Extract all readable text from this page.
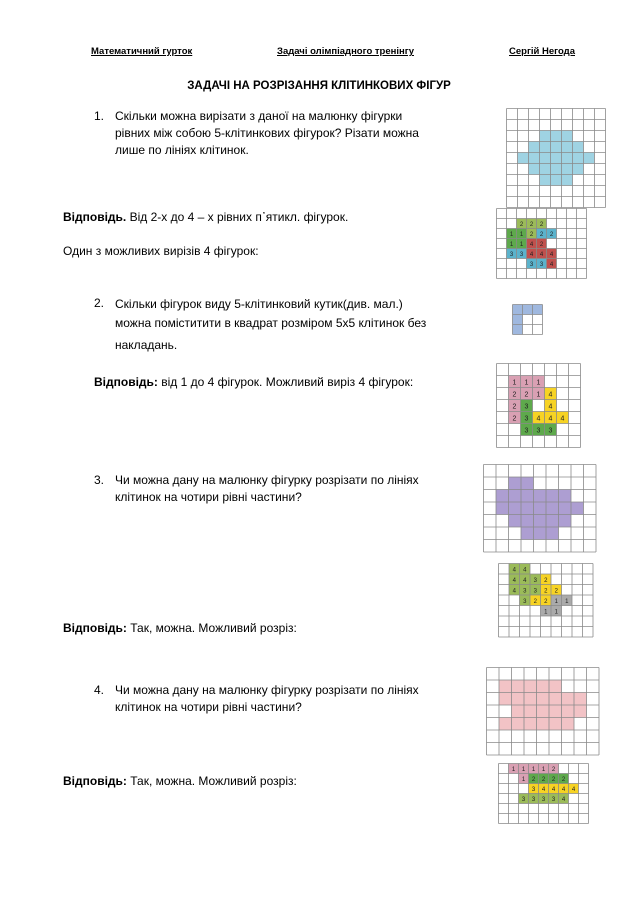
Математичний гурток	Задачі олімпіадного тренінгу	Сергій Негода
ЗАДАЧІ НА РОЗРІЗАННЯ КЛІТИНКОВИХ ФІГУР
1. Скільки можна вирізати з даної на малюнку фігурки
рівних між собою 5-клітинкових фігурок? Різати можна
лише по лініях клітинок.
Відповідь. Від 2-х до 4 – х рівних п᾽ятикл. фігурок.
Один з можливих вирізів 4 фігурок:
2. Скільки фігурок виду 5-клітинковий кутик(див. мал.)
можна поміститити в квадрат розміром 5х5 клітинок без
накладань.
Відповідь: від 1 до 4 фігурок. Можливий виріз 4 фігурок:
3. Чи можна дану на малюнку фігурку розрізати по лініях
клітинок на чотири рівні частини?
Відповідь: Так, можна. Можливий розріз:
4. Чи можна дану на малюнку фігурку розрізати по лініях
клітинок на чотири рівні частини?
Відповідь: Так, можна. Можливий розріз:
2 2 2
1 1 2 2 2
1 1 4 2
3 3 4 4 4
3 3 4
1 1 1
2 2 1 4
2 3	4
2 3 4 4 4
3 3 3
4 4
4 4 3 2
4 3 3 2 2
3 2 2 1 1
1 1
1 1 1 1 2
1 2 2 2 2
3 4 4 4 4
3 3 3 3 4
